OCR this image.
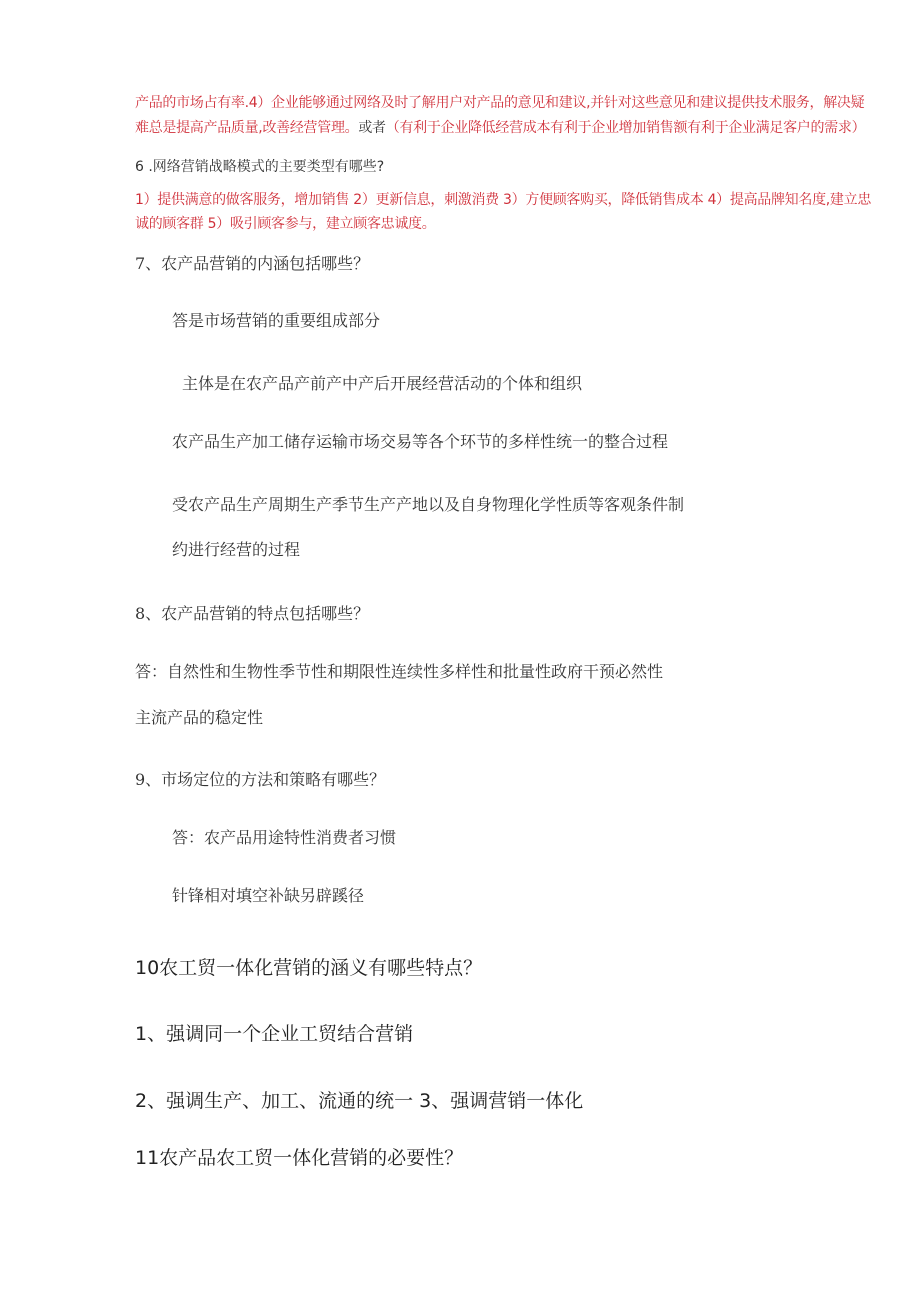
产品的市场占有率.4）企业能够通过网络及时了解用户对产品的意见和建议,并针对这些意见和建议提供技术服务，解决疑

难总是提高产品质量,改善经营管理。或者（有利于企业降低经营成本有利于企业增加销售额有利于企业满足客户的需求）

6 .网络营销战略模式的主要类型有哪些?

1）提供满意的做客服务，增加销售 2）更新信息，刺激消费 3）方便顾客购买，降低销售成本 4）提高品牌知名度,建立忠

诚的顾客群 5）吸引顾客参与，建立顾客忠诚度。

7、农产品营销的内涵包括哪些？

答是市场营销的重要组成部分

主体是在农产品产前产中产后开展经营活动的个体和组织

农产品生产加工储存运输市场交易等各个环节的多样性统一的整合过程

受农产品生产周期生产季节生产产地以及自身物理化学性质等客观条件制

约进行经营的过程

8、农产品营销的特点包括哪些？

答：自然性和生物性季节性和期限性连续性多样性和批量性政府干预必然性

主流产品的稳定性

9、市场定位的方法和策略有哪些？

答：农产品用途特性消费者习惯

针锋相对填空补缺另辟蹊径

10农工贸一体化营销的涵义有哪些特点？

1、强调同一个企业工贸结合营销

2、强调生产、加工、流通的统一 3、强调营销一体化

11农产品农工贸一体化营销的必要性？
